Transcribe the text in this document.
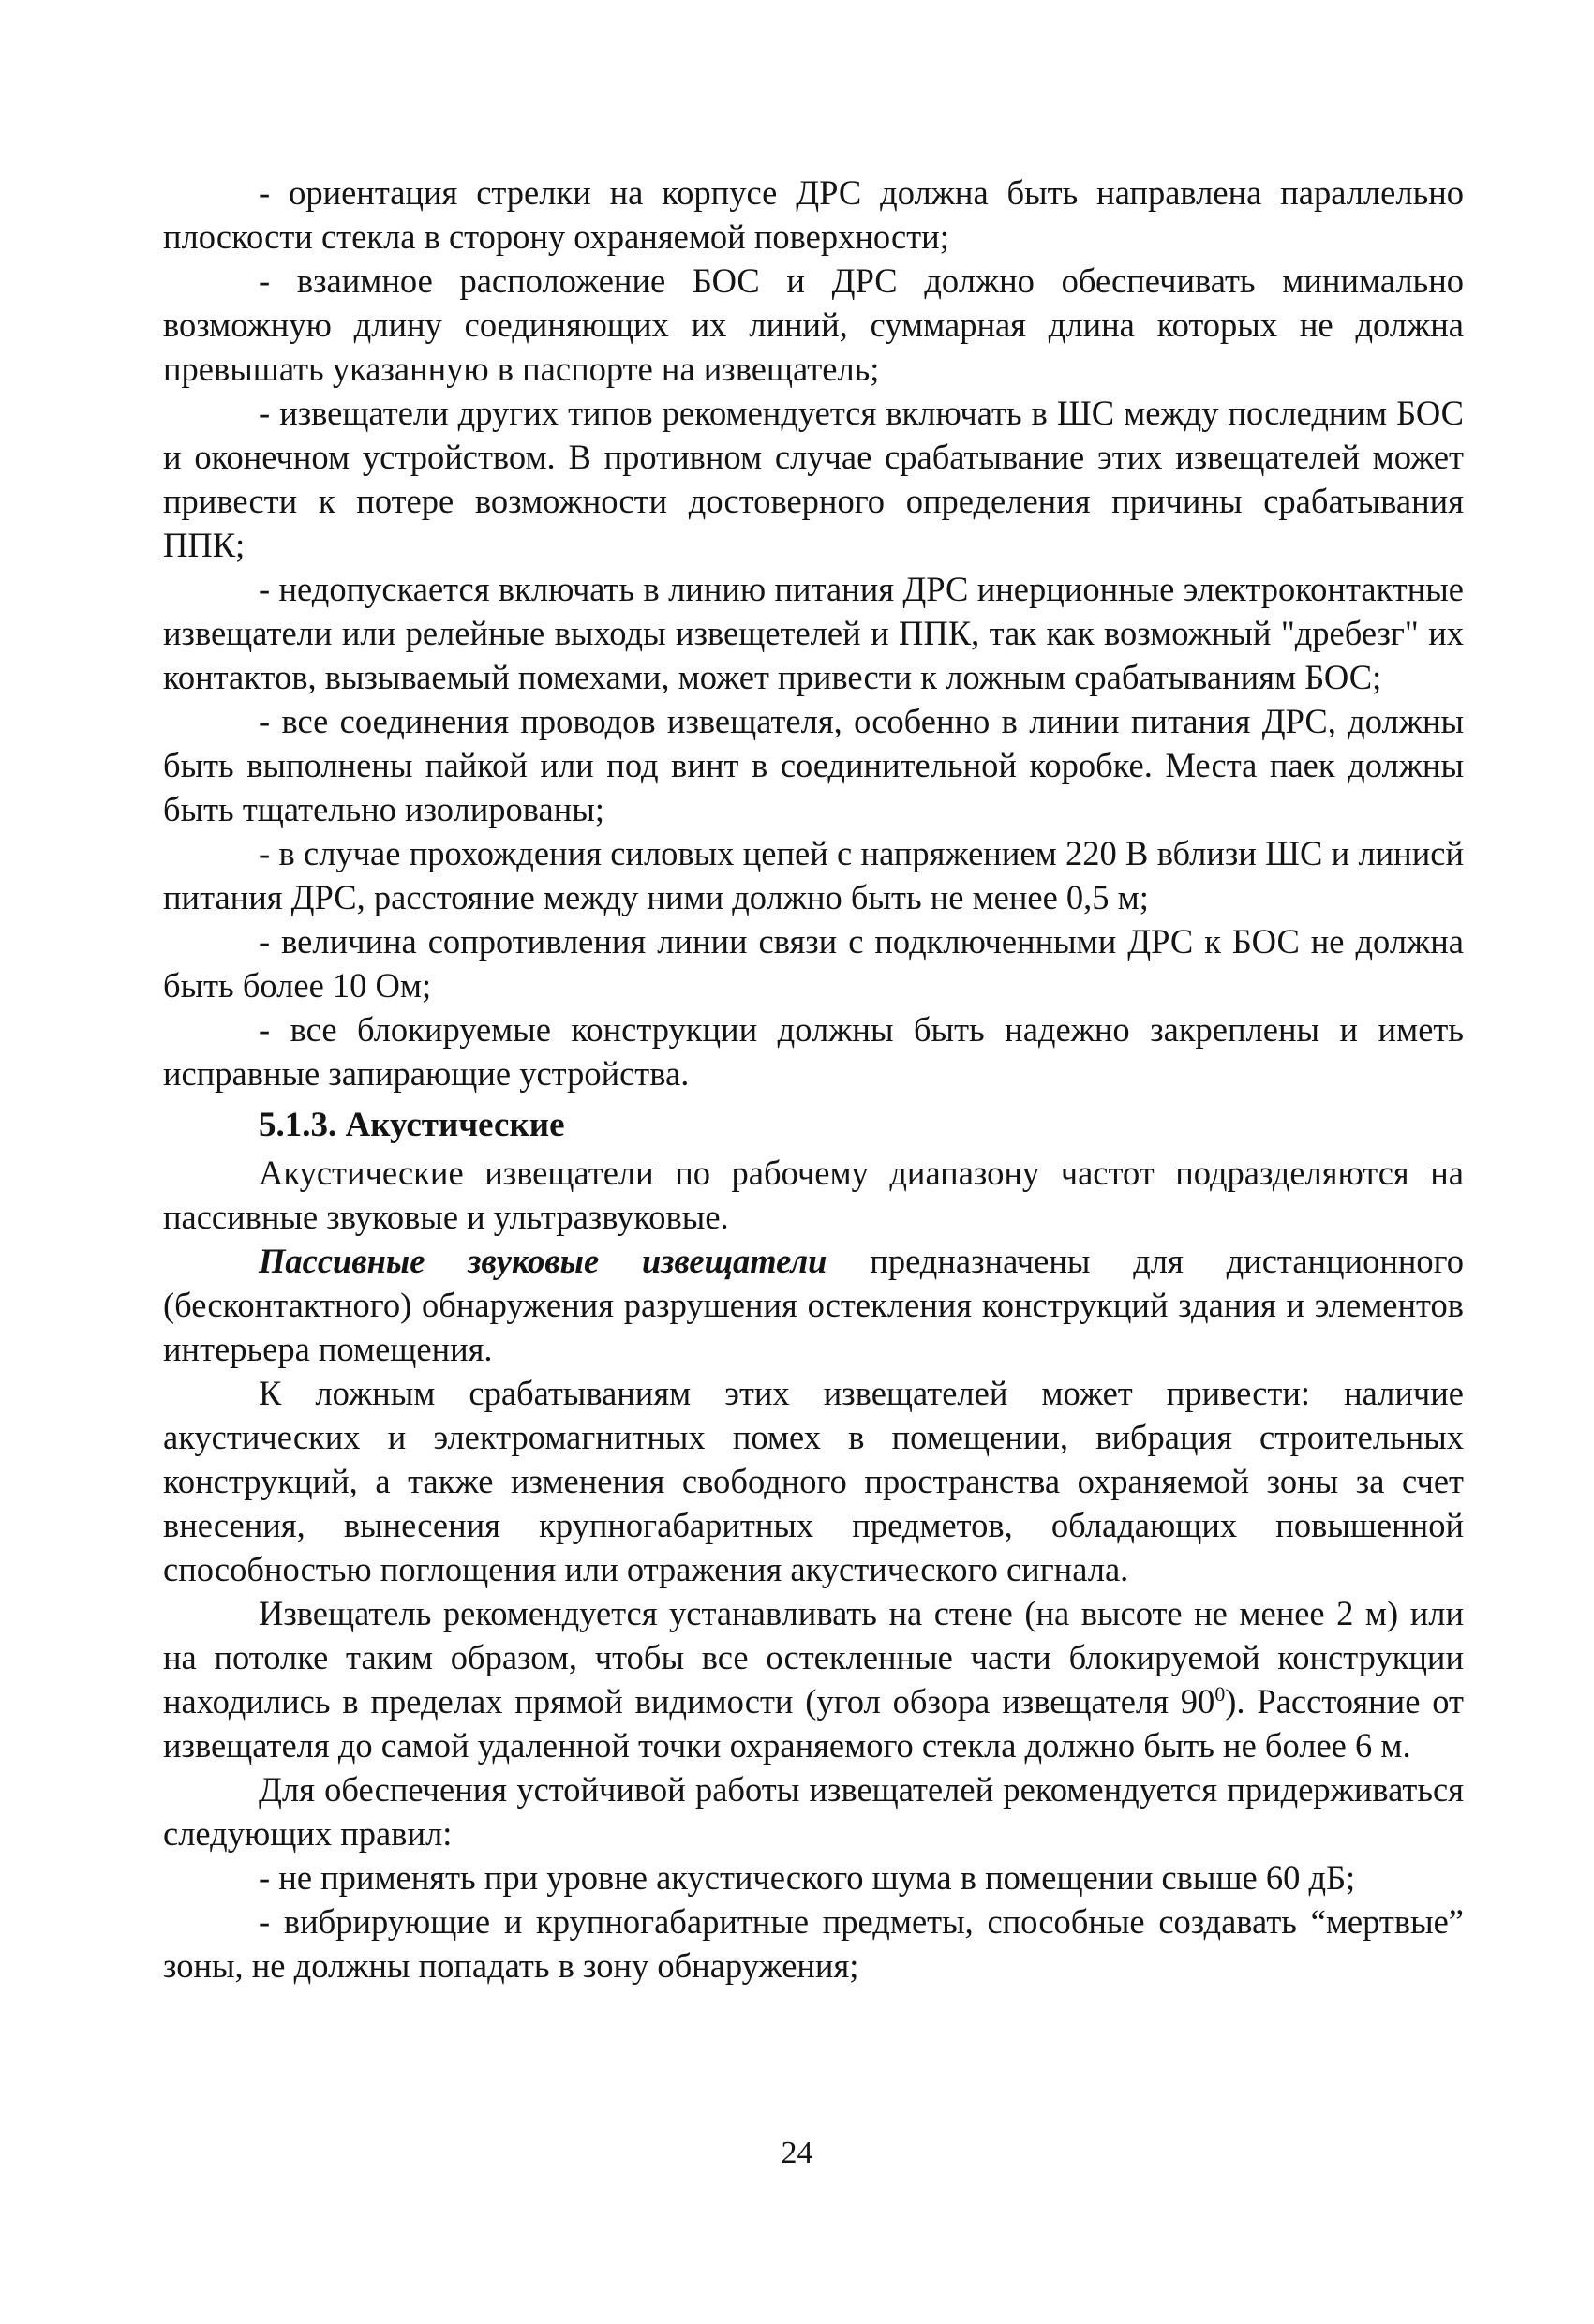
- ориентация стрелки на корпусе ДРС должна быть направлена параллельно плоскости стекла в сторону охраняемой поверхности;

- взаимное расположение БОС и ДРС должно обеспечивать минимально возможную длину соединяющих их линий, суммарная длина которых не должна превышать указанную в паспорте на извещатель;

- извещатели других типов рекомендуется включать в ШС между последним БОС и оконечном устройством. В противном случае срабатывание этих извещателей может привести к потере возможности достоверного определения причины срабатывания ППК;

- недопускается включать в линию питания ДРС инерционные электроконтактные извещатели или релейные выходы извещетелей и ППК, так как возможный "дребезг" их контактов, вызываемый помехами, может привести к ложным срабатываниям БОС;

- все соединения проводов извещателя, особенно в линии питания ДРС, должны быть выполнены пайкой или под винт в соединительной коробке. Места паек должны быть тщательно изолированы;

- в случае прохождения силовых цепей с напряжением 220 В вблизи ШС и линисй питания ДРС, расстояние между ними должно быть не менее 0,5 м;

- величина сопротивления линии связи с подключенными ДРС к БОС не должна быть более 10 Ом;

- все блокируемые конструкции должны быть надежно закреплены и иметь исправные запирающие устройства.

5.1.3. Акустические

Акустические извещатели по рабочему диапазону частот подразделяются на пассивные звуковые и ультразвуковые.

Пассивные звуковые извещатели предназначены для дистанционного (бесконтактного) обнаружения разрушения остекления конструкций здания и элементов интерьера помещения.

К ложным срабатываниям этих извещателей может привести: наличие акустических и электромагнитных помех в помещении, вибрация строительных конструкций, а также изменения свободного пространства охраняемой зоны за счет внесения, вынесения крупногабаритных предметов, обладающих повышенной способностью поглощения или отражения акустического сигнала.

Извещатель рекомендуется устанавливать на стене (на высоте не менее 2 м) или на потолке таким образом, чтобы все остекленные части блокируемой конструкции находились в пределах прямой видимости (угол обзора извещателя $90^0$). Расстояние от извещателя до самой удаленной точки охраняемого стекла должно быть не более 6 м.

Для обеспечения устойчивой работы извещателей рекомендуется придерживаться следующих правил:

- не применять при уровне акустического шума в помещении свыше 60 дБ;

- вибрирующие и крупногабаритные предметы, способные создавать “мертвые” зоны, не должны попадать в зону обнаружения;

24
